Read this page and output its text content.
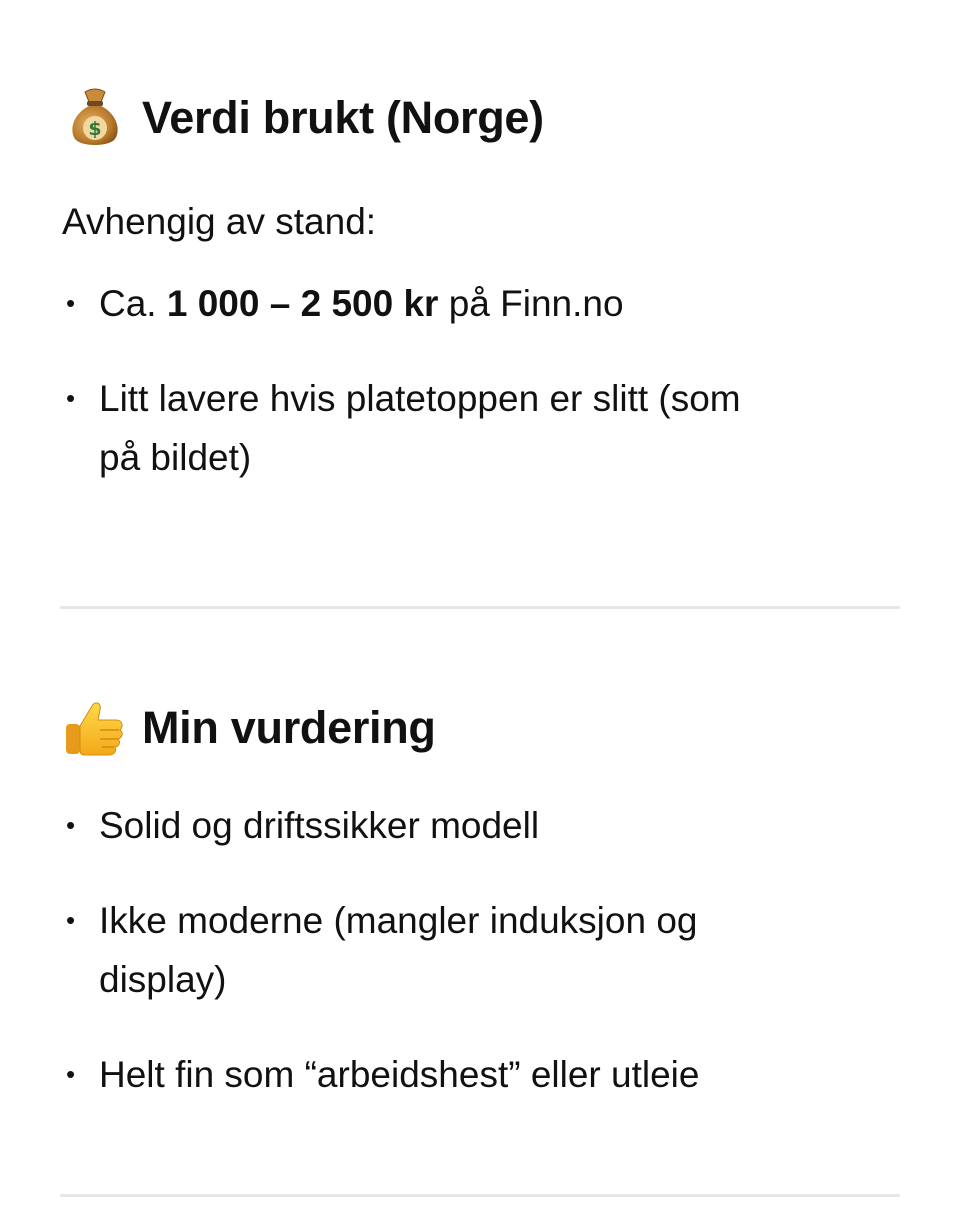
$ Verdi brukt (Norge)

Avhengig av stand:

• Ca. 1 000 – 2 500 kr på Finn.no
• Litt lavere hvis platetoppen er slitt (som
på bildet)
Min vurdering
• Solid og driftssikker modell
• Ikke moderne (mangler induksjon og
display)
• Helt fin som “arbeidshest” eller utleie
